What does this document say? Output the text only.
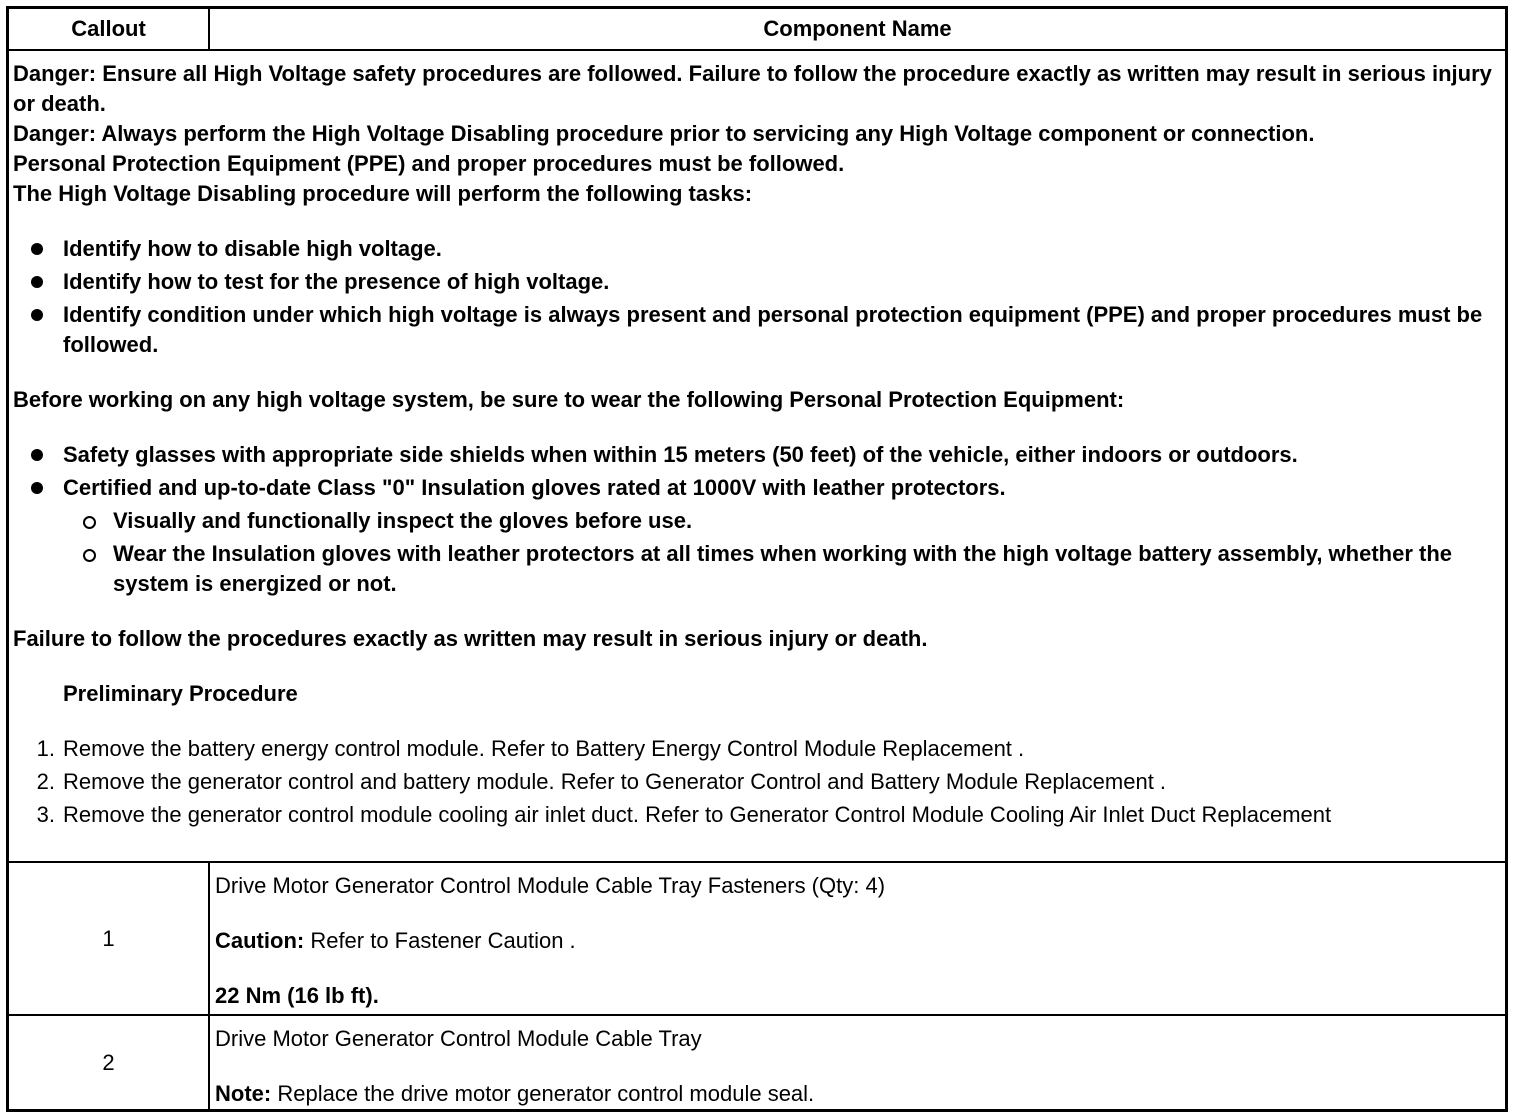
Callout	Component Name

Danger: Ensure all High Voltage safety procedures are followed. Failure to follow the procedure exactly as written may result in serious injury or death.

Danger: Always perform the High Voltage Disabling procedure prior to servicing any High Voltage component or connection.

Personal Protection Equipment (PPE) and proper procedures must be followed.

The High Voltage Disabling procedure will perform the following tasks:

Identify how to disable high voltage.
Identify how to test for the presence of high voltage.
Identify condition under which high voltage is always present and personal protection equipment (PPE) and proper procedures must be followed.

Before working on any high voltage system, be sure to wear the following Personal Protection Equipment:

Safety glasses with appropriate side shields when within 15 meters (50 feet) of the vehicle, either indoors or outdoors.
Certified and up-to-date Class "0" Insulation gloves rated at 1000V with leather protectors.
Visually and functionally inspect the gloves before use.
Wear the Insulation gloves with leather protectors at all times when working with the high voltage battery assembly, whether the system is energized or not.

Failure to follow the procedures exactly as written may result in serious injury or death.

Preliminary Procedure
1. Remove the battery energy control module. Refer to Battery Energy Control Module Replacement .
2. Remove the generator control and battery module. Refer to Generator Control and Battery Module Replacement .
3. Remove the generator control module cooling air inlet duct. Refer to Generator Control Module Cooling Air Inlet Duct Replacement
1

Drive Motor Generator Control Module Cable Tray Fasteners (Qty: 4)

Caution: Refer to Fastener Caution .

22 Nm (16 lb ft).

2

Drive Motor Generator Control Module Cable Tray

Note: Replace the drive motor generator control module seal.
